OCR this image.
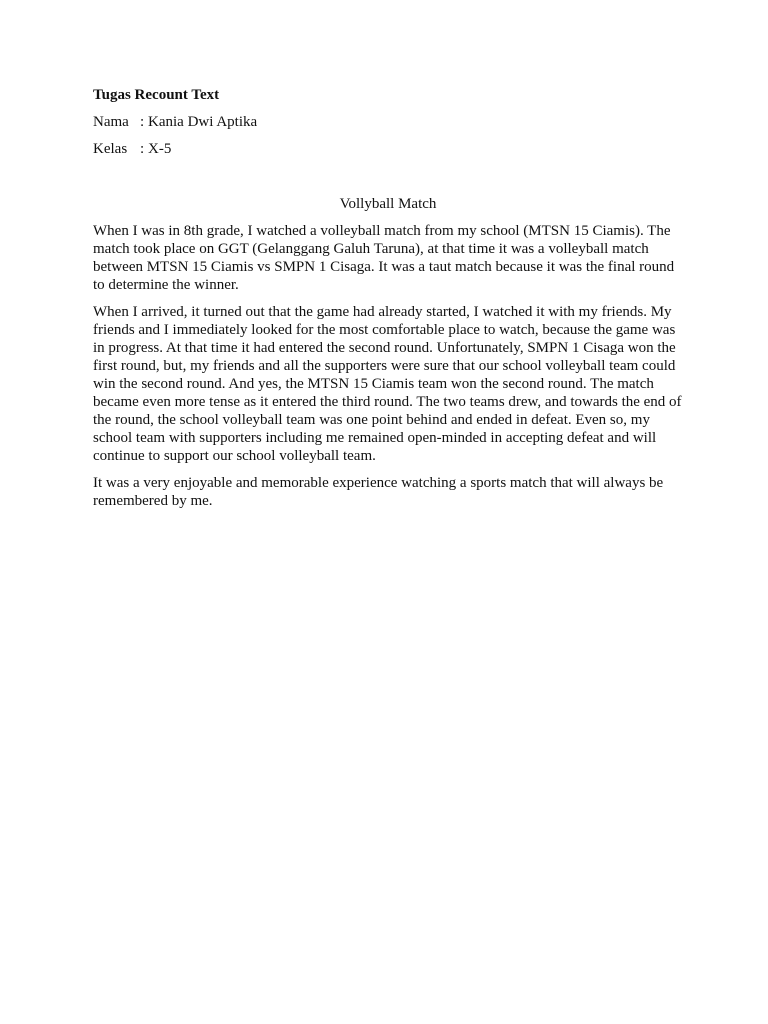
Tugas Recount Text
Nama : Kania Dwi Aptika
Kelas : X-5
Vollyball Match

When I was in 8th grade, I watched a volleyball match from my school (MTSN 15 Ciamis). The match took place on GGT (Gelanggang Galuh Taruna), at that time it was a volleyball match between MTSN 15 Ciamis vs SMPN 1 Cisaga. It was a taut match because it was the final round to determine the winner.

When I arrived, it turned out that the game had already started, I watched it with my friends. My friends and I immediately looked for the most comfortable place to watch, because the game was in progress. At that time it had entered the second round. Unfortunately, SMPN 1 Cisaga won the first round, but, my friends and all the supporters were sure that our school volleyball team could win the second round. And yes, the MTSN 15 Ciamis team won the second round. The match became even more tense as it entered the third round. The two teams drew, and towards the end of the round, the school volleyball team was one point behind and ended in defeat. Even so, my school team with supporters including me remained open-minded in accepting defeat and will continue to support our school volleyball team.

It was a very enjoyable and memorable experience watching a sports match that will always be remembered by me.
